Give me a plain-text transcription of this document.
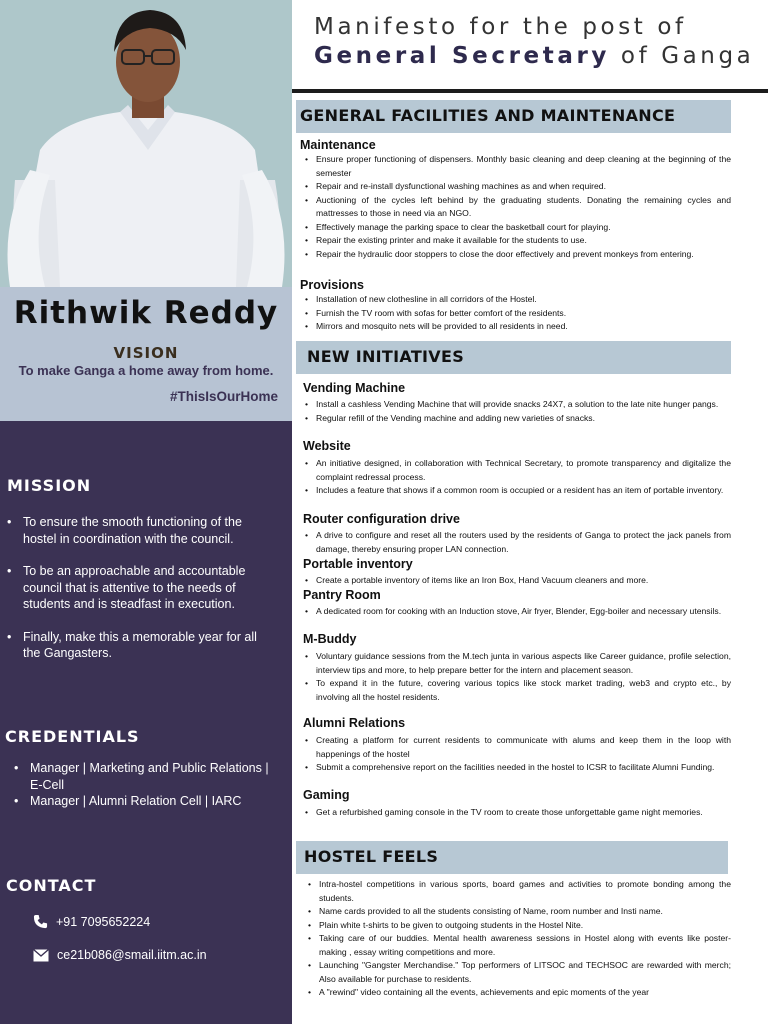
Rithwik Reddy
VISION
To make Ganga a home away from home.
#ThisIsOurHome
MISSION
• To ensure the smooth functioning of the hostel in coordination with the council.
• To be an approachable and accountable council that is attentive to the needs of students and is steadfast in execution.
• Finally, make this a memorable year for all the Gangasters.
CREDENTIALS
• Manager | Marketing and Public Relations | E-Cell
• Manager | Alumni Relation Cell | IARC
CONTACT
+91 7095652224
ce21b086@smail.iitm.ac.in
Manifesto for the post of
General Secretary of Ganga
GENERAL FACILITIES AND MAINTENANCE
Maintenance
• Ensure proper functioning of dispensers. Monthly basic cleaning and deep cleaning at the beginning of the semester
• Repair and re-install dysfunctional washing machines as and when required.
• Auctioning of the cycles left behind by the graduating students. Donating the remaining cycles and mattresses to those in need via an NGO.
• Effectively manage the parking space to clear the basketball court for playing.
• Repair the existing printer and make it available for the students to use.
• Repair the hydraulic door stoppers to close the door effectively and prevent monkeys from entering.
Provisions
• Installation of new clothesline in all corridors of the Hostel.
• Furnish the TV room with sofas for better comfort of the residents.
• Mirrors and mosquito nets will be provided to all residents in need.
NEW INITIATIVES
Vending Machine
• Install a cashless Vending Machine that will provide snacks 24X7, a solution to the late nite hunger pangs.
• Regular refill of the Vending machine and adding new varieties of snacks.
Website
• An initiative designed, in collaboration with Technical Secretary, to promote transparency and digitalize the complaint redressal process.
• Includes a feature that shows if a common room is occupied or a resident has an item of portable inventory.
Router configuration drive
• A drive to configure and reset all the routers used by the residents of Ganga to protect the jack panels from damage, thereby ensuring proper LAN connection.
Portable inventory
• Create a portable inventory of items like an Iron Box, Hand Vacuum cleaners and more.
Pantry Room
• A dedicated room for cooking with an Induction stove, Air fryer, Blender, Egg-boiler and necessary utensils.
M-Buddy
• Voluntary guidance sessions from the M.tech junta in various aspects like Career guidance, profile selection, interview tips and more, to help prepare better for the intern and placement season.
• To expand it in the future, covering various topics like stock market trading, web3 and crypto etc., by involving all the hostel residents.
Alumni Relations
• Creating a platform for current residents to communicate with alums and keep them in the loop with happenings of the hostel
• Submit a comprehensive report on the facilities needed in the hostel to ICSR to facilitate Alumni Funding.
Gaming
• Get a refurbished gaming console in the TV room to create those unforgettable game night memories.
HOSTEL FEELS
• Intra-hostel competitions in various sports, board games and activities to promote bonding among the students.
• Name cards provided to all the students consisting of Name, room number and Insti name.
• Plain white t-shirts to be given to outgoing students in the Hostel Nite.
• Taking care of our buddies. Mental health awareness sessions in Hostel along with events like poster-making , essay writing competitions and more.
• Launching "Gangster Merchandise." Top performers of LITSOC and TECHSOC are rewarded with merch; Also available for purchase to residents.
• A "rewind" video containing all the events, achievements and epic moments of the year
